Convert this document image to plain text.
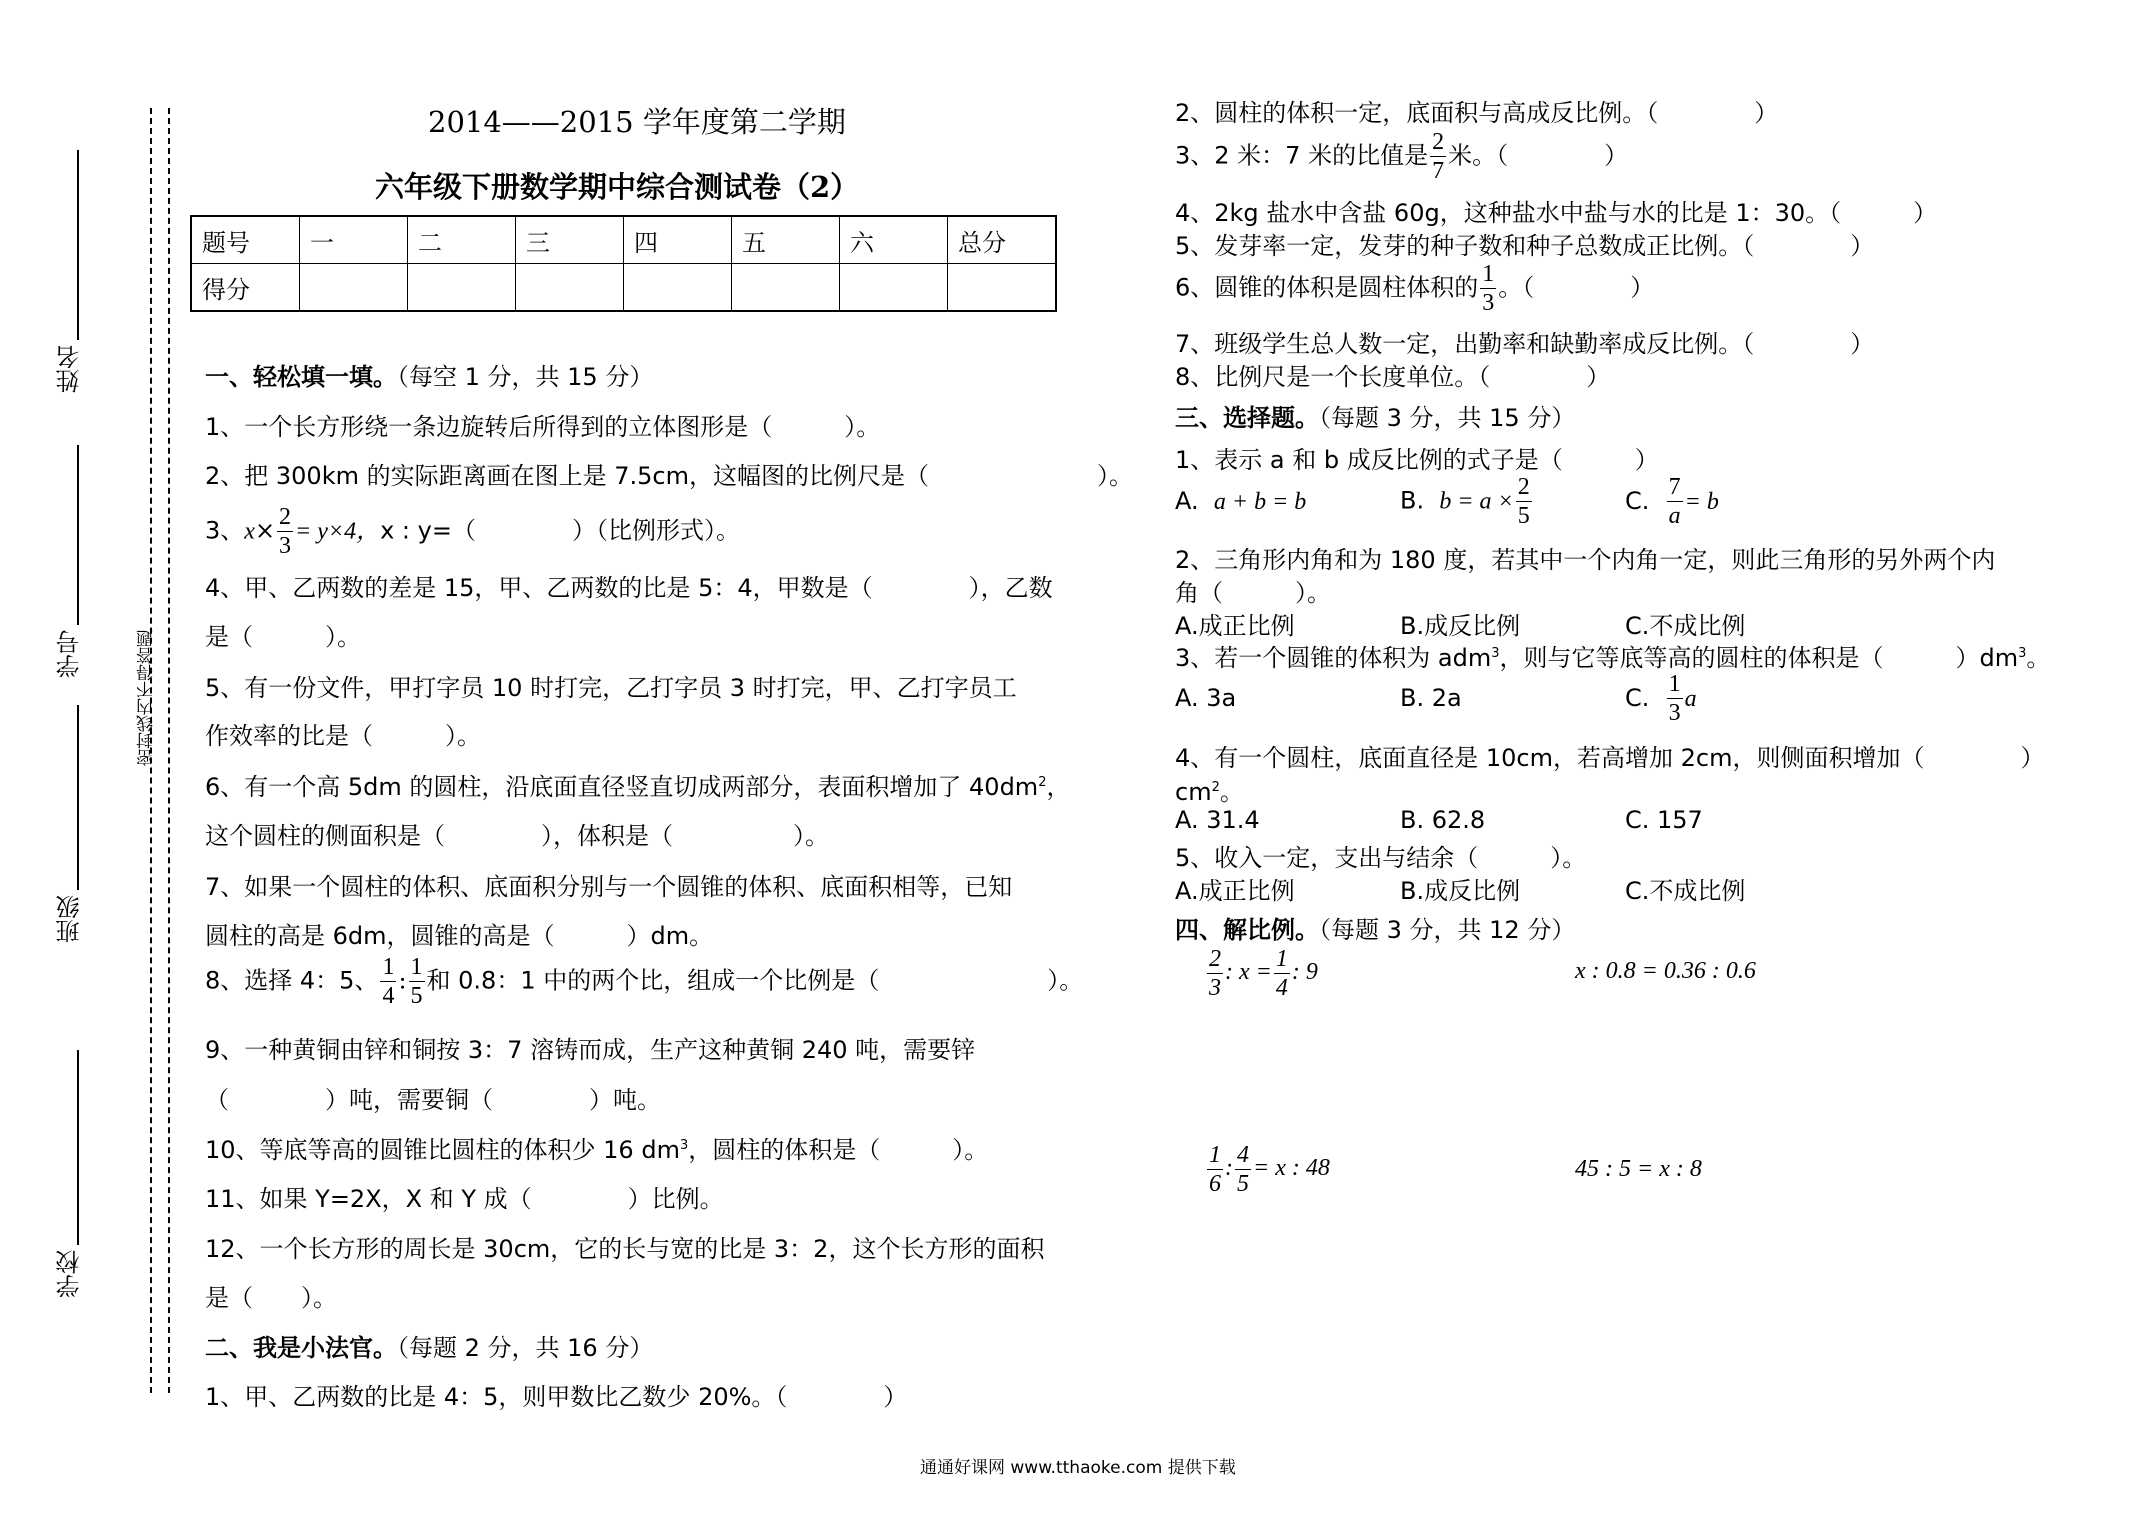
姓名
学号
班级
学校
密封线内不得答题
2014——2015 学年度第二学期
六年级下册数学期中综合测试卷（2）
题号	一	二	三	四	五	六	总分
得分							
一、轻松填一填。（每空 1 分，共 15 分）
1、一个长方形绕一条边旋转后所得到的立体图形是（　　　）。
2、把 300km 的实际距离画在图上是 7.5cm，这幅图的比例尺是（　　　　　　　）。
3、$x\times \frac{2}{3} = y\times 4$，x : y=（　　　　）（比例形式）。
4、甲、乙两数的差是 15，甲、乙两数的比是 5：4，甲数是（　　　　），乙数
是（　　　）。
5、有一份文件，甲打字员 10 时打完，乙打字员 3 时打完，甲、乙打字员工
作效率的比是（　　　）。
6、有一个高 5dm 的圆柱，沿底面直径竖直切成两部分，表面积增加了 $40dm^2$，
这个圆柱的侧面积是（　　　　），体积是（　　　　　）。
7、如果一个圆柱的体积、底面积分别与一个圆锥的体积、底面积相等，已知
圆柱的高是 6dm，圆锥的高是（　　　）dm。
8、选择 4：5、 $\frac{1}{4}$ : $\frac{1}{5}$ 和 0.8：1 中的两个比，组成一个比例是（　　　　　　　）。
9、一种黄铜由锌和铜按 3：7 溶铸而成，生产这种黄铜 240 吨，需要锌
（　　　　）吨，需要铜（　　　　）吨。
10、等底等高的圆锥比圆柱的体积少 16 $dm^3$，圆柱的体积是（　　　）。
11、如果 Y=2X，X 和 Y 成（　　　　）比例。
12、一个长方形的周长是 30cm，它的长与宽的比是 3：2，这个长方形的面积
是（　　）。
二、我是小法官。（每题 2 分，共 16 分）
1、甲、乙两数的比是 4：5，则甲数比乙数少 20%。（　　　　）
2、圆柱的体积一定，底面积与高成反比例。（　　　　）
3、2 米：7 米的比值是 $\frac{2}{7}$ 米。（　　　　）
4、2kg 盐水中含盐 60g，这种盐水中盐与水的比是 1：30。（　　　）
5、发芽率一定，发芽的种子数和种子总数成正比例。（　　　　）
6、圆锥的体积是圆柱体积的 $\frac{1}{3}$ 。（　　　　）
7、班级学生总人数一定，出勤率和缺勤率成反比例。（　　　　）
8、比例尺是一个长度单位。（　　　　）
三、选择题。（每题 3 分，共 15 分）
1、表示 a 和 b 成反比例的式子是（　　　）
A. a + b = b	B. $b = a \times \frac{2}{5}$	C. $\frac{7}{a} = b$
2、三角形内角和为 180 度，若其中一个内角一定，则此三角形的另外两个内
角（　　　）。
A.成正比例	B.成反比例	C.不成比例
3、若一个圆锥的体积为 adm$^3$，则与它等底等高的圆柱的体积是（　　　）$dm^3$。
A. 3a	B. 2a	C. $\frac{1}{3}$ a
4、有一个圆柱，底面直径是 10cm，若高增加 2cm，则侧面积增加（　　　　）
$cm^2$。
A. 31.4	B. 62.8	C. 157
5、收入一定，支出与结余（　　　）。
A.成正比例	B.成反比例	C.不成比例
四、解比例。（每题 3 分，共 12 分）
$\frac{2}{3}$ : $x = \frac{1}{4}$ : 9	x : 0.8 = 0.36 : 0.6
$\frac{1}{6}$ : $\frac{4}{5} = x$ : 48	45 : 5 = x : 8
通通好课网 www.tthaoke.com 提供下载
